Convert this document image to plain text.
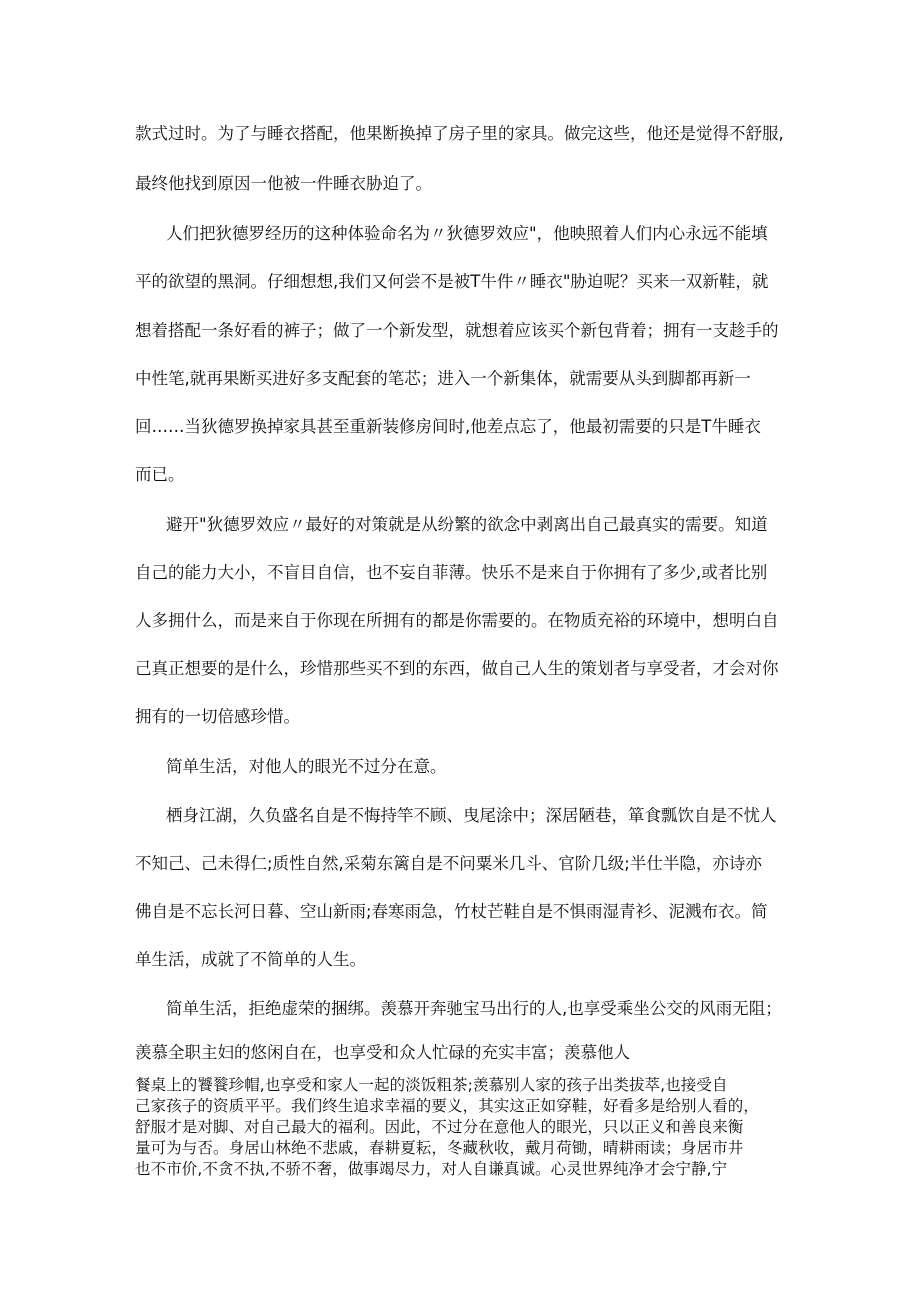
款式过时。为了与睡衣搭配，他果断换掉了房子里的家具。做完这些，他还是觉得不舒服,
最终他找到原因一他被一件睡衣胁迫了。
人们把狄德罗经历的这种体验命名为〃狄德罗效应"，他映照着人们内心永远不能填
平的欲望的黑洞。仔细想想,我们又何尝不是被T牛件〃睡衣"胁迫呢？买来一双新鞋，就
想着搭配一条好看的裤子；做了一个新发型，就想着应该买个新包背着；拥有一支趁手的
中性笔,就再果断买进好多支配套的笔芯；进入一个新集体，就需要从头到脚都再新一
回……当狄德罗换掉家具甚至重新装修房间时,他差点忘了，他最初需要的只是T牛睡衣
而已。
避开"狄德罗效应〃最好的对策就是从纷繁的欲念中剥离出自己最真实的需要。知道
自己的能力大小，不盲目自信，也不妄自菲薄。快乐不是来自于你拥有了多少,或者比别
人多拥什么，而是来自于你现在所拥有的都是你需要的。在物质充裕的环境中，想明白自
己真正想要的是什么，珍惜那些买不到的东西，做自己人生的策划者与享受者，才会对你
拥有的一切倍感珍惜。
简单生活，对他人的眼光不过分在意。
栖身江湖，久负盛名自是不悔持竿不顾、曳尾涂中；深居陋巷，箪食瓢饮自是不忧人
不知己、己未得仁;质性自然,采菊东篱自是不问粟米几斗、官阶几级;半仕半隐，亦诗亦
佛自是不忘长河日暮、空山新雨;春寒雨急，竹杖芒鞋自是不惧雨湿青衫、泥溅布衣。简
单生活，成就了不简单的人生。
简单生活，拒绝虚荣的捆绑。羡慕开奔驰宝马出行的人,也享受乘坐公交的风雨无阻；
羡慕全职主妇的悠闲自在，也享受和众人忙碌的充实丰富；羡慕他人
餐桌上的饕餮珍帽,也享受和家人一起的淡饭粗茶;羡慕别人家的孩子出类拔萃,也接受自
己家孩子的资质平平。我们终生追求幸福的要义，其实这正如穿鞋，好看多是给别人看的，
舒服才是对脚、对自己最大的福利。因此，不过分在意他人的眼光，只以正义和善良来衡
量可为与否。身居山林绝不悲戚，春耕夏耘，冬藏秋收，戴月荷锄，晴耕雨读；身居市井
也不市价,不贪不执,不骄不奢，做事竭尽力，对人自谦真诚。心灵世界纯净才会宁静,宁
